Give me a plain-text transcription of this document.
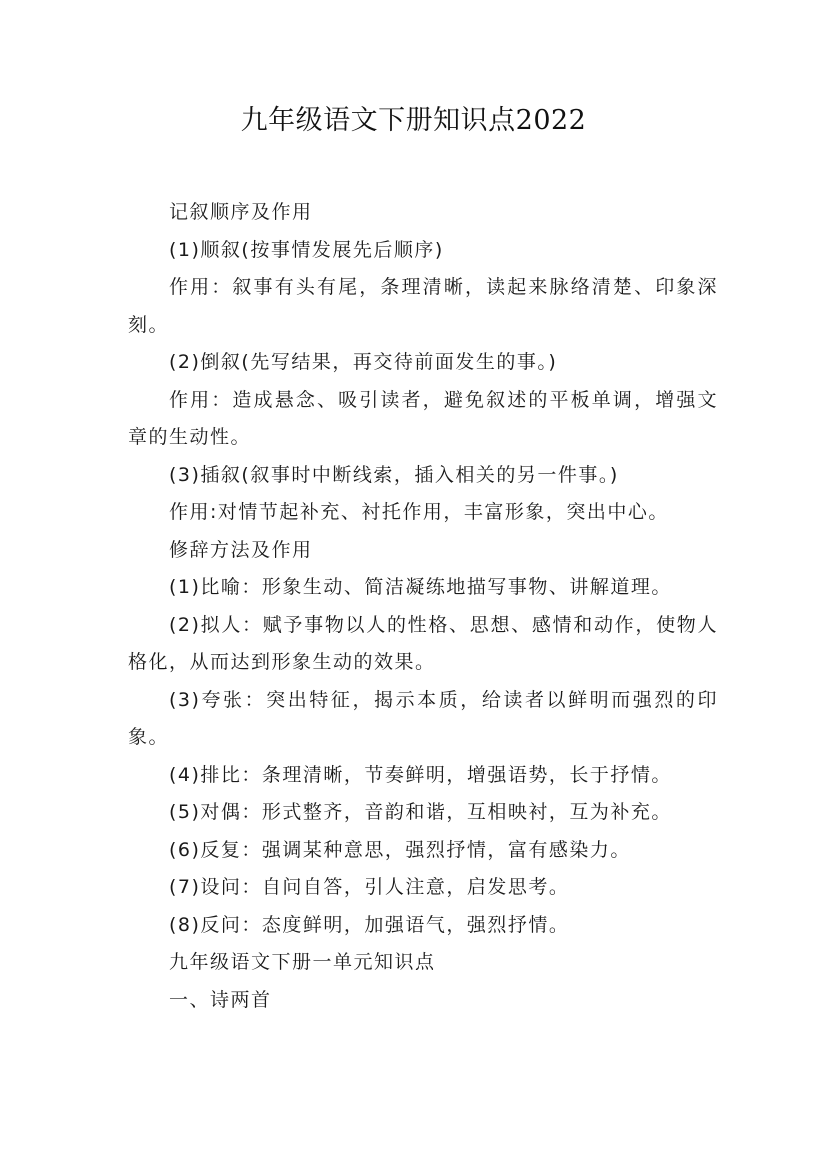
九年级语文下册知识点2022

记叙顺序及作用

(1)顺叙(按事情发展先后顺序)

作用：叙事有头有尾，条理清晰，读起来脉络清楚、印象深刻。

(2)倒叙(先写结果，再交待前面发生的事。)

作用：造成悬念、吸引读者，避免叙述的平板单调，增强文章的生动性。

(3)插叙(叙事时中断线索，插入相关的另一件事。)

作用:对情节起补充、衬托作用，丰富形象，突出中心。

修辞方法及作用

(1)比喻：形象生动、简洁凝练地描写事物、讲解道理。

(2)拟人：赋予事物以人的性格、思想、感情和动作，使物人格化，从而达到形象生动的效果。

(3)夸张：突出特征，揭示本质，给读者以鲜明而强烈的印象。

(4)排比：条理清晰，节奏鲜明，增强语势，长于抒情。

(5)对偶：形式整齐，音韵和谐，互相映衬，互为补充。

(6)反复：强调某种意思，强烈抒情，富有感染力。

(7)设问：自问自答，引人注意，启发思考。

(8)反问：态度鲜明，加强语气，强烈抒情。

九年级语文下册一单元知识点

一、诗两首
